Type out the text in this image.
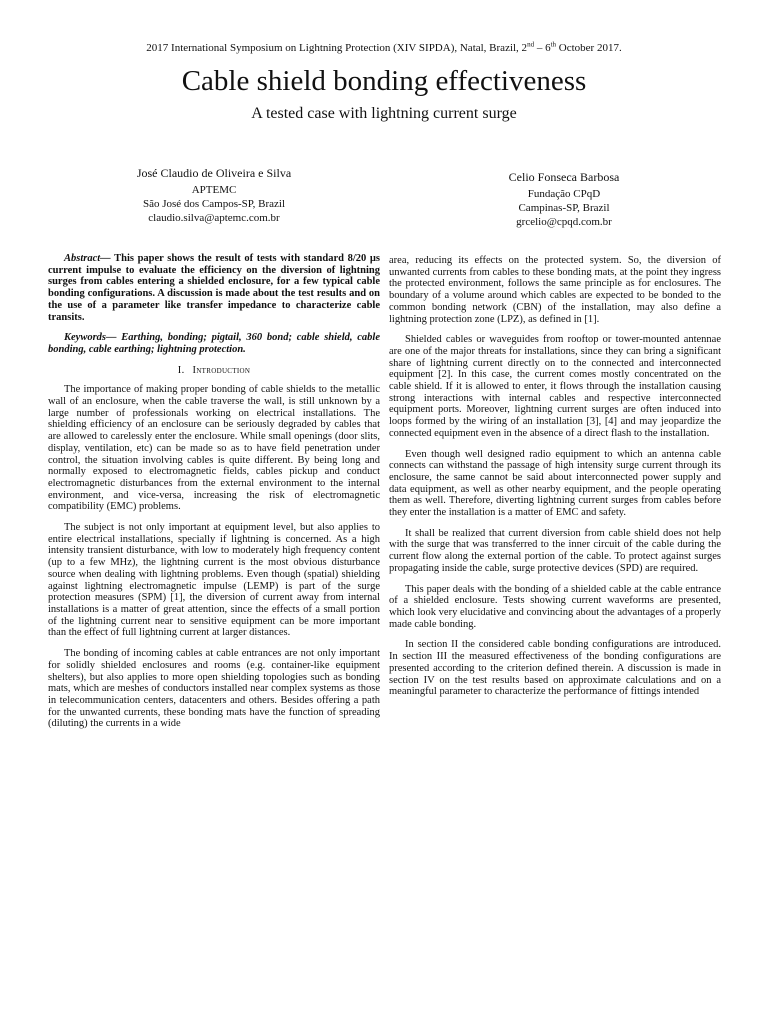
2017 International Symposium on Lightning Protection (XIV SIPDA), Natal, Brazil, 2nd – 6th October 2017.
Cable shield bonding effectiveness
A tested case with lightning current surge
José Claudio de Oliveira e Silva
APTEMC
São José dos Campos-SP, Brazil
claudio.silva@aptemc.com.br
Celio Fonseca Barbosa
Fundação CPqD
Campinas-SP, Brazil
grcelio@cpqd.com.br

Abstract— This paper shows the result of tests with standard 8/20 µs current impulse to evaluate the efficiency on the diversion of lightning surges from cables entering a shielded enclosure, for a few typical cable bonding configurations. A discussion is made about the test results and on the use of a parameter like transfer impedance to characterize cable transits.

Keywords— Earthing, bonding; pigtail, 360 bond; cable shield, cable bonding, cable earthing; lightning protection.

I. Introduction

The importance of making proper bonding of cable shields to the metallic wall of an enclosure, when the cable traverse the wall, is still unknown by a large number of professionals working on electrical installations. The shielding efficiency of an enclosure can be seriously degraded by cables that are allowed to carelessly enter the enclosure. While small openings (door slits, display, ventilation, etc) can be made so as to have field penetration under control, the situation involving cables is quite different. By being long and normally exposed to electromagnetic fields, cables pickup and conduct electromagnetic disturbances from the external environment to the internal environment, and vice-versa, increasing the risk of electromagnetic compatibility (EMC) problems.

The subject is not only important at equipment level, but also applies to entire electrical installations, specially if lightning is concerned. As a high intensity transient disturbance, with low to moderately high frequency content (up to a few MHz), the lightning current is the most obvious disturbance source when dealing with lightning problems. Even though (spatial) shielding against lightning electromagnetic impulse (LEMP) is part of the surge protection measures (SPM) [1], the diversion of current away from internal installations is a matter of great attention, since the effects of a small portion of the lightning current near to sensitive equipment can be more important than the effect of full lightning current at larger distances.

The bonding of incoming cables at cable entrances are not only important for solidly shielded enclosures and rooms (e.g. container-like equipment shelters), but also applies to more open shielding topologies such as bonding mats, which are meshes of conductors installed near complex systems as those in telecommunication centers, datacenters and others. Besides offering a path for the unwanted currents, these bonding mats have the function of spreading (diluting) the currents in a wide

area, reducing its effects on the protected system. So, the diversion of unwanted currents from cables to these bonding mats, at the point they ingress the protected environment, follows the same principle as for enclosures. The boundary of a volume around which cables are expected to be bonded to the common bonding network (CBN) of the installation, may also define a lightning protection zone (LPZ), as defined in [1].

Shielded cables or waveguides from rooftop or tower-mounted antennae are one of the major threats for installations, since they can bring a significant share of lightning current directly on to the connected and interconnected equipment [2]. In this case, the current comes mostly concentrated on the cable shield. If it is allowed to enter, it flows through the installation causing strong interactions with internal cables and respective interconnected equipment ports. Moreover, lightning current surges are often induced into loops formed by the wiring of an installation [3], [4] and may jeopardize the connected equipment even in the absence of a direct flash to the installation.

Even though well designed radio equipment to which an antenna cable connects can withstand the passage of high intensity surge current through its enclosure, the same cannot be said about interconnected power supply and data equipment, as well as other nearby equipment, and the people operating them as well. Therefore, diverting lightning current surges from cables before they enter the installation is a matter of EMC and safety.

It shall be realized that current diversion from cable shield does not help with the surge that was transferred to the inner circuit of the cable during the current flow along the external portion of the cable. To protect against surges propagating inside the cable, surge protective devices (SPD) are required.

This paper deals with the bonding of a shielded cable at the cable entrance of a shielded enclosure. Tests showing current waveforms are presented, which look very elucidative and convincing about the advantages of a properly made cable bonding.

In section II the considered cable bonding configurations are introduced. In section III the measured effectiveness of the bonding configurations are presented according to the criterion defined therein. A discussion is made in section IV on the test results based on approximate calculations and on a meaningful parameter to characterize the performance of fittings intended
